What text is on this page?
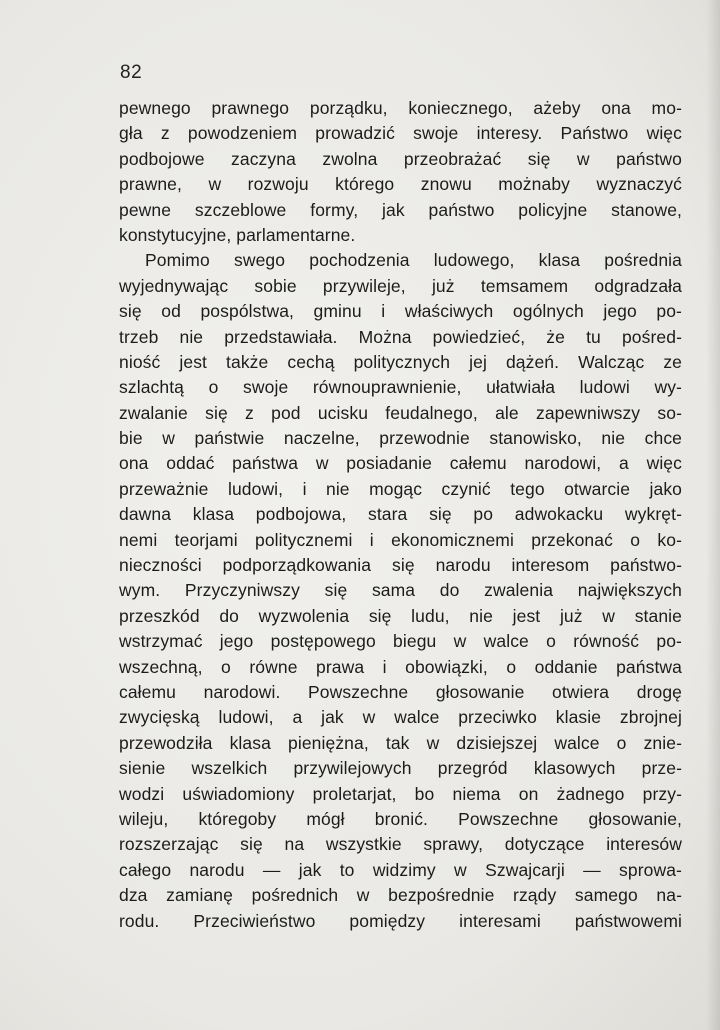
82
pewnego prawnego porządku, koniecznego, ażeby ona mo-
gła z powodzeniem prowadzić swoje interesy. Państwo więc
podbojowe zaczyna zwolna przeobrażać się w państwo
prawne, w rozwoju którego znowu możnaby wyznaczyć
pewne szczeblowe formy, jak państwo policyjne stanowe,
konstytucyjne, parlamentarne.
Pomimo swego pochodzenia ludowego, klasa pośrednia
wyjednywając sobie przywileje, już temsamem odgradzała
się od pospólstwa, gminu i właściwych ogólnych jego po-
trzeb nie przedstawiała. Można powiedzieć, że tu pośred-
niość jest także cechą politycznych jej dążeń. Walcząc ze
szlachtą o swoje równouprawnienie, ułatwiała ludowi wy-
zwalanie się z pod ucisku feudalnego, ale zapewniwszy so-
bie w państwie naczelne, przewodnie stanowisko, nie chce
ona oddać państwa w posiadanie całemu narodowi, a więc
przeważnie ludowi, i nie mogąc czynić tego otwarcie jako
dawna klasa podbojowa, stara się po adwokacku wykręt-
nemi teorjami politycznemi i ekonomicznemi przekonać o ko-
nieczności podporządkowania się narodu interesom państwo-
wym. Przyczyniwszy się sama do zwalenia największych
przeszkód do wyzwolenia się ludu, nie jest już w stanie
wstrzymać jego postępowego biegu w walce o równość po-
wszechną, o równe prawa i obowiązki, o oddanie państwa
całemu narodowi. Powszechne głosowanie otwiera drogę
zwycięską ludowi, a jak w walce przeciwko klasie zbrojnej
przewodziła klasa pieniężna, tak w dzisiejszej walce o znie-
sienie wszelkich przywilejowych przegród klasowych prze-
wodzi uświadomiony proletarjat, bo niema on żadnego przy-
wileju, któregoby mógł bronić. Powszechne głosowanie,
rozszerzając się na wszystkie sprawy, dotyczące interesów
całego narodu — jak to widzimy w Szwajcarji — sprowa-
dza zamianę pośrednich w bezpośrednie rządy samego na-
rodu. Przeciwieństwo pomiędzy interesami państwowemi
